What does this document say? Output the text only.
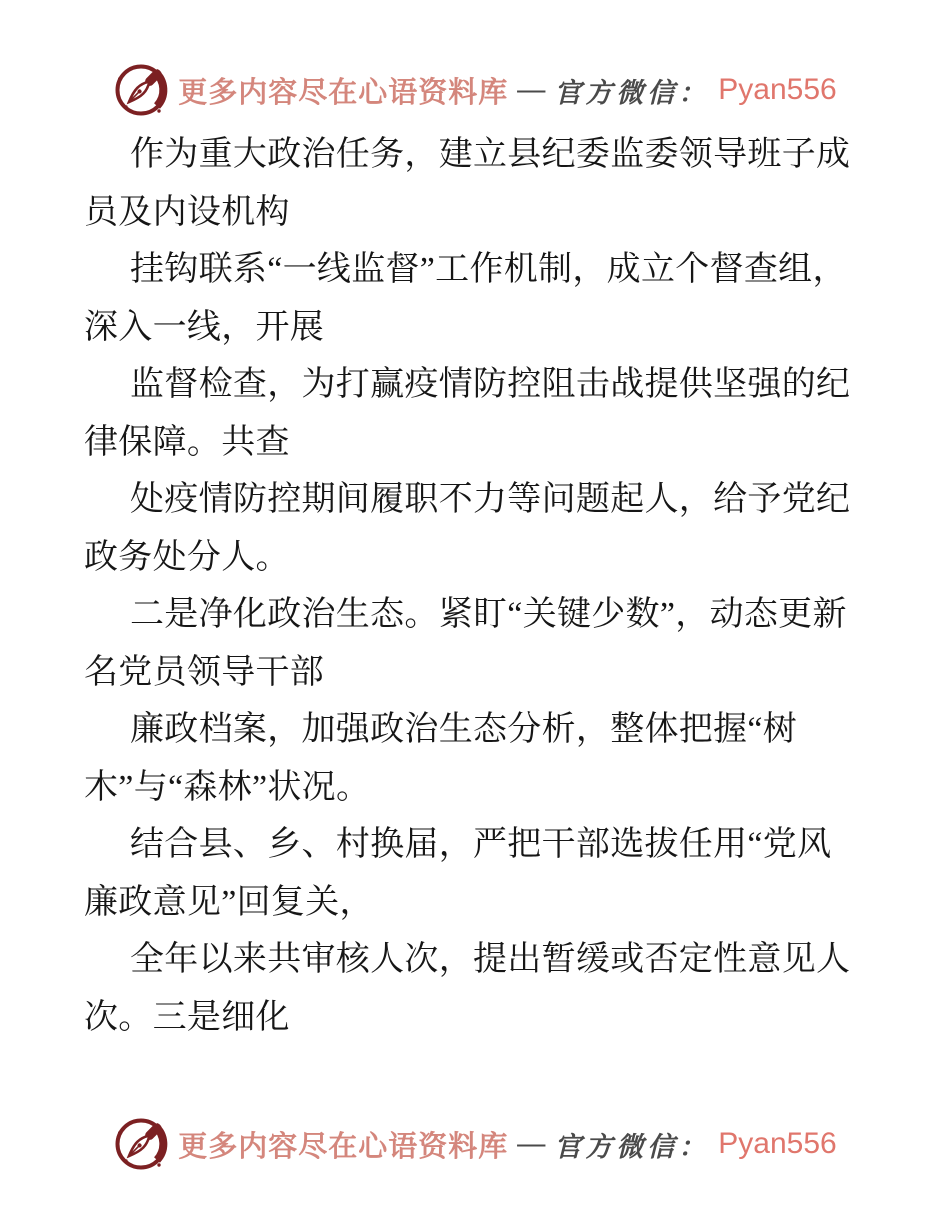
更多内容尽在心语资料库 — 官方微信： Pyan556

作为重大政治任务，建立县纪委监委领导班子成员及内设机构

挂钩联系“一线监督”工作机制，成立个督查组，深入一线，开展

监督检查，为打赢疫情防控阻击战提供坚强的纪律保障。共查

处疫情防控期间履职不力等问题起人，给予党纪政务处分人。

二是净化政治生态。紧盯“关键少数”，动态更新名党员领导干部

廉政档案，加强政治生态分析，整体把握“树木”与“森林”状况。

结合县、乡、村换届，严把干部选拔任用“党风廉政意见”回复关，

全年以来共审核人次，提出暂缓或否定性意见人次。三是细化

更多内容尽在心语资料库 — 官方微信： Pyan556
